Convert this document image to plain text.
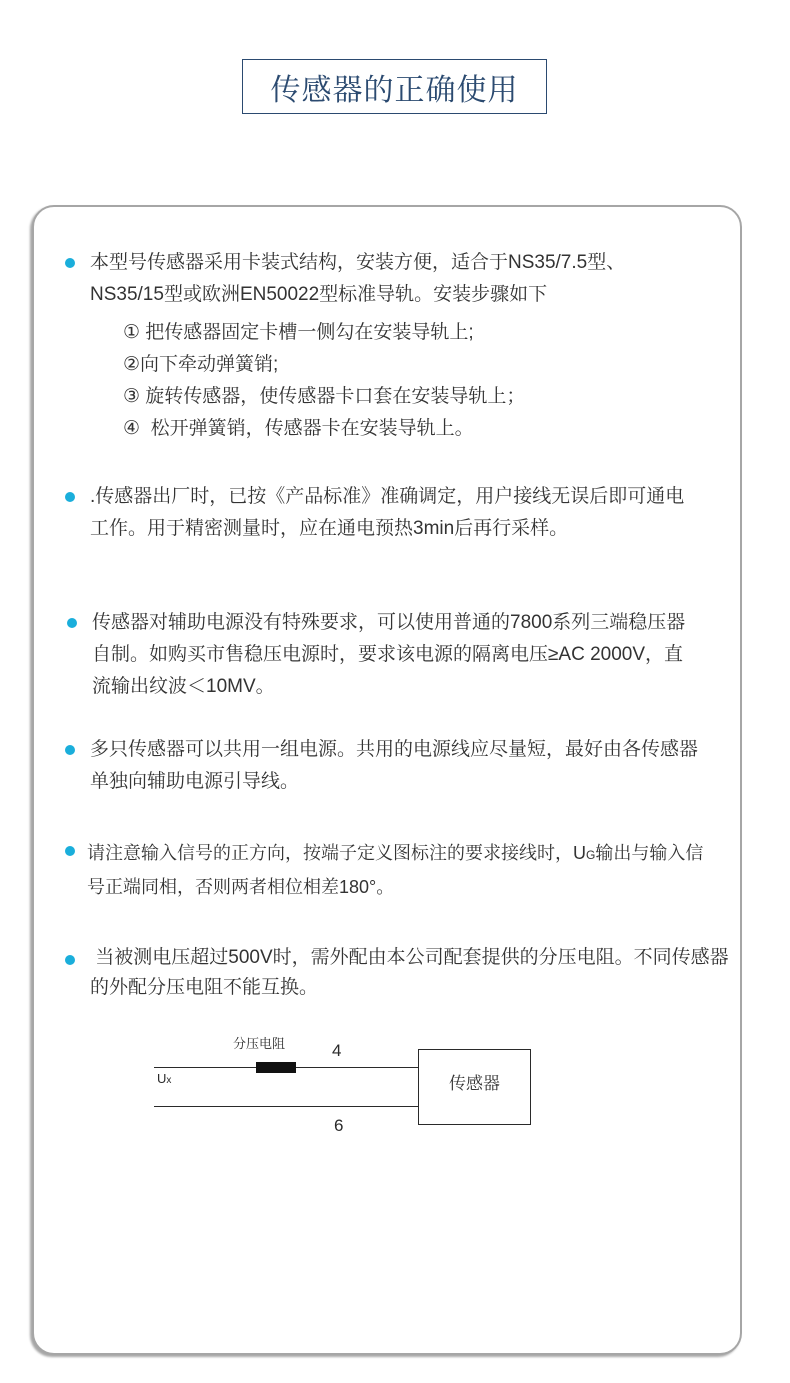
传感器的正确使用
本型号传感器采用卡装式结构，安装方便，适合于NS35/7.5型、
NS35/15型或欧洲EN50022型标准导轨。安装步骤如下
① 把传感器固定卡槽一侧勾在安装导轨上;
②向下牵动弹簧销;
③ 旋转传感器，使传感器卡口套在安装导轨上；
④  松开弹簧销，传感器卡在安装导轨上。
.传感器出厂时，已按《产品标准》准确调定，用户接线无误后即可通电
工作。用于精密测量时，应在通电预热3min后再行采样。
传感器对辅助电源没有特殊要求，可以使用普通的7800系列三端稳压器
自制。如购买市售稳压电源时，要求该电源的隔离电压≥AC 2000V，直
流输出纹波＜10MV。
多只传感器可以共用一组电源。共用的电源线应尽量短，最好由各传感器
单独向辅助电源引导线。
请注意输入信号的正方向，按端子定义图标注的要求接线时，UG输出与输入信
号正端同相，否则两者相位相差180°。
当被测电压超过500V时，需外配由本公司配套提供的分压电阻。不同传感器
的外配分压电阻不能互换。
分压电阻	4
Ux
6
传感器
